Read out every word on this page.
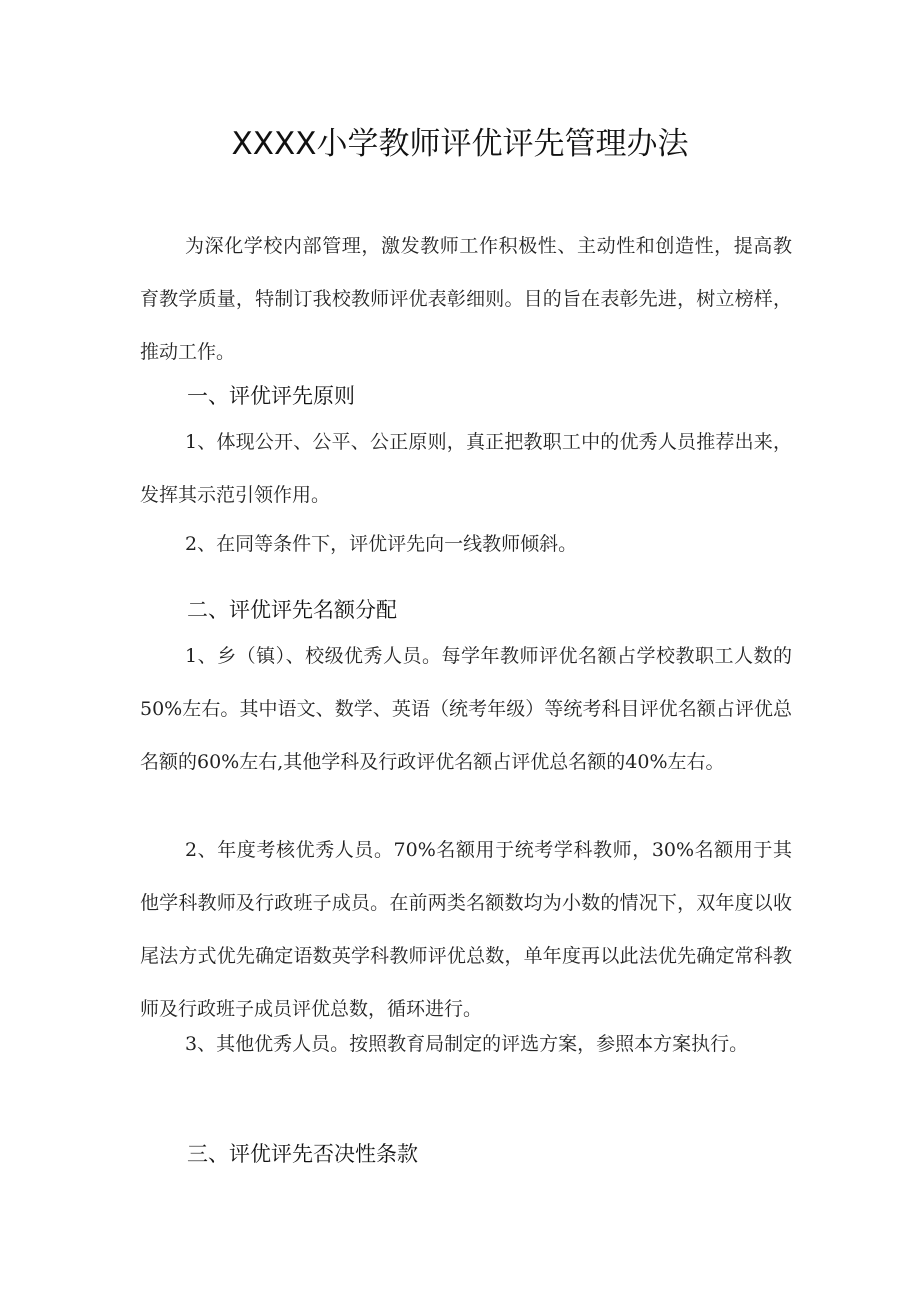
XXXX小学教师评优评先管理办法

为深化学校内部管理，激发教师工作积极性、主动性和创造性，提高教育教学质量，特制订我校教师评优表彰细则。目的旨在表彰先进，树立榜样，推动工作。

一、评优评先原则

1、体现公开、公平、公正原则，真正把教职工中的优秀人员推荐出来，发挥其示范引领作用。

2、在同等条件下，评优评先向一线教师倾斜。

二、评优评先名额分配

1、乡（镇）、校级优秀人员。每学年教师评优名额占学校教职工人数的50%左右。其中语文、数学、英语（统考年级）等统考科目评优名额占评优总名额的60%左右,其他学科及行政评优名额占评优总名额的40%左右。

2、年度考核优秀人员。70%名额用于统考学科教师，30%名额用于其他学科教师及行政班子成员。在前两类名额数均为小数的情况下，双年度以收尾法方式优先确定语数英学科教师评优总数，单年度再以此法优先确定常科教师及行政班子成员评优总数，循环进行。

3、其他优秀人员。按照教育局制定的评选方案，参照本方案执行。

三、评优评先否决性条款
